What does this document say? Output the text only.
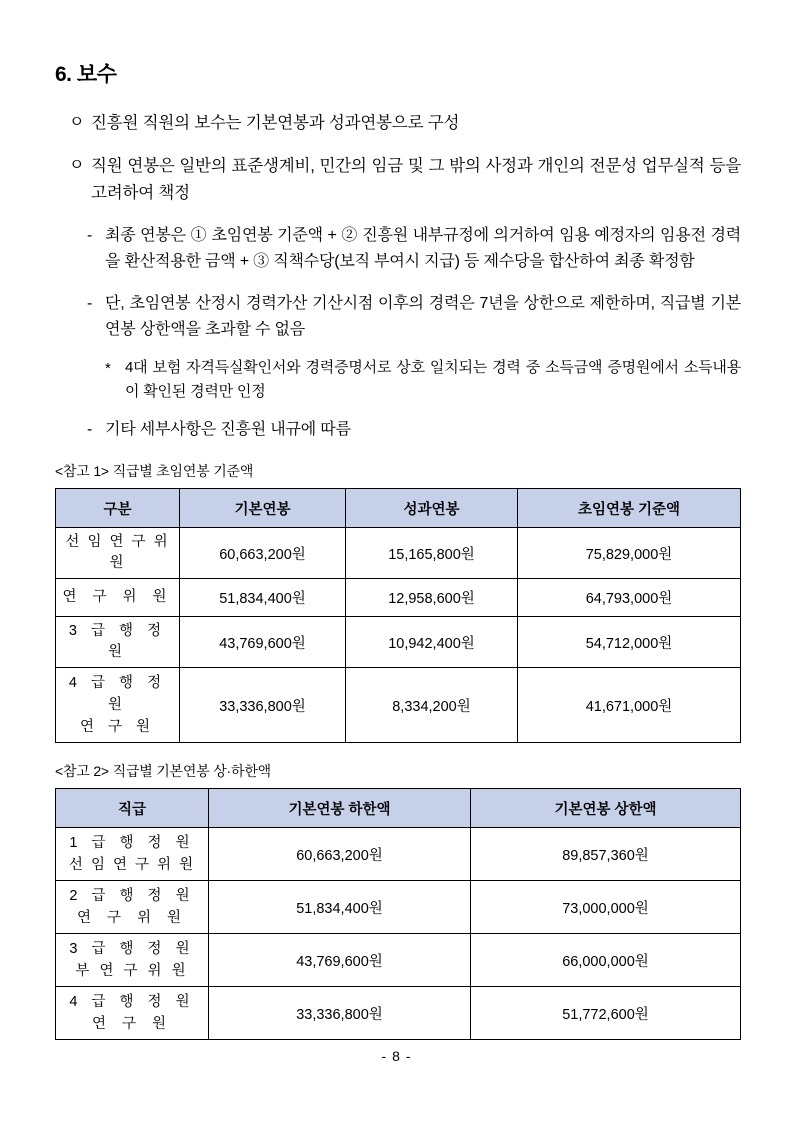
6. 보수
ㅇ 진흥원 직원의 보수는 기본연봉과 성과연봉으로 구성
ㅇ 직원 연봉은 일반의 표준생계비, 민간의 임금 및 그 밖의 사정과 개인의 전문성 업무실적 등을 고려하여 책정
- 최종 연봉은 ① 초임연봉 기준액 + ② 진흥원 내부규정에 의거하여 임용 예정자의 임용전 경력을 환산적용한 금액 + ③ 직책수당(보직 부여시 지급) 등 제수당을 합산하여 최종 확정함
- 단, 초임연봉 산정시 경력가산 기산시점 이후의 경력은 7년을 상한으로 제한하며, 직급별 기본연봉 상한액을 초과할 수 없음
* 4대 보험 자격득실확인서와 경력증명서로 상호 일치되는 경력 중 소득금액 증명원에서 소득내용이 확인된 경력만 인정
- 기타 세부사항은 진흥원 내규에 따름
<참고 1> 직급별 초임연봉 기준액
구분	기본연봉	성과연봉	초임연봉 기준액
선 임 연 구 위 원	60,663,200원	15,165,800원	75,829,000원
연 구 위 원	51,834,400원	12,958,600원	64,793,000원
3 급 행 정 원	43,769,600원	10,942,400원	54,712,000원

4 급 행 정 원
연 구 원	33,336,800원	8,334,200원	41,671,000원
<참고 2> 직급별 기본연봉 상·하한액
직급	기본연봉 하한액	기본연봉 상한액

1 급 행 정 원
선 임 연 구 위 원	60,663,200원	89,857,360원

2 급 행 정 원
연 구 위 원	51,834,400원	73,000,000원

3 급 행 정 원
부 연 구 위 원	43,769,600원	66,000,000원

4 급 행 정 원
연 구 원	33,336,800원	51,772,600원
- 8 -
